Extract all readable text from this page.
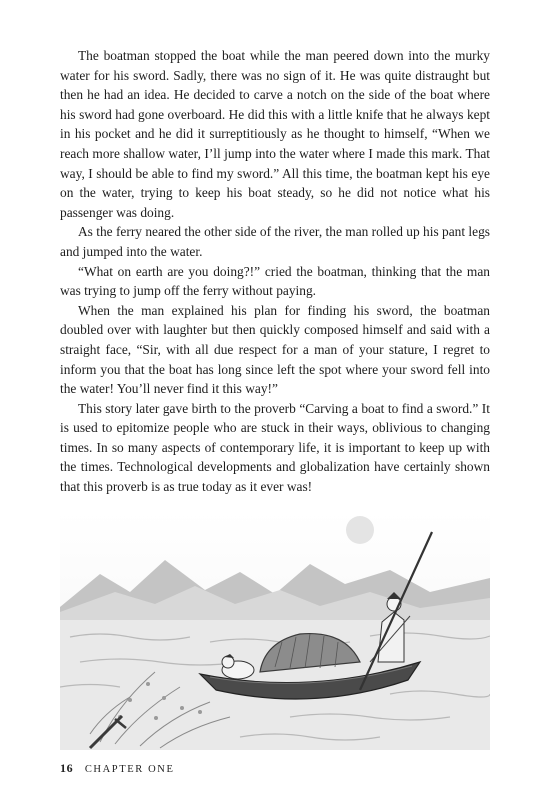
The boatman stopped the boat while the man peered down into the murky water for his sword. Sadly, there was no sign of it. He was quite distraught but then he had an idea. He decided to carve a notch on the side of the boat where his sword had gone overboard. He did this with a little knife that he always kept in his pocket and he did it surreptitiously as he thought to himself, “When we reach more shallow water, I’ll jump into the water where I made this mark. That way, I should be able to find my sword.” All this time, the boatman kept his eye on the water, trying to keep his boat steady, so he did not notice what his passenger was doing.

As the ferry neared the other side of the river, the man rolled up his pant legs and jumped into the water.

“What on earth are you doing?!” cried the boatman, thinking that the man was trying to jump off the ferry without paying.

When the man explained his plan for finding his sword, the boatman doubled over with laughter but then quickly composed himself and said with a straight face, “Sir, with all due respect for a man of your stature, I regret to inform you that the boat has long since left the spot where your sword fell into the water! You’ll never find it this way!”

This story later gave birth to the proverb “Carving a boat to find a sword.” It is used to epitomize people who are stuck in their ways, oblivious to changing times. In so many aspects of contemporary life, it is important to keep up with the times. Technological developments and globalization have certainly shown that this proverb is as true today as it ever was!

16 CHAPTER ONE
